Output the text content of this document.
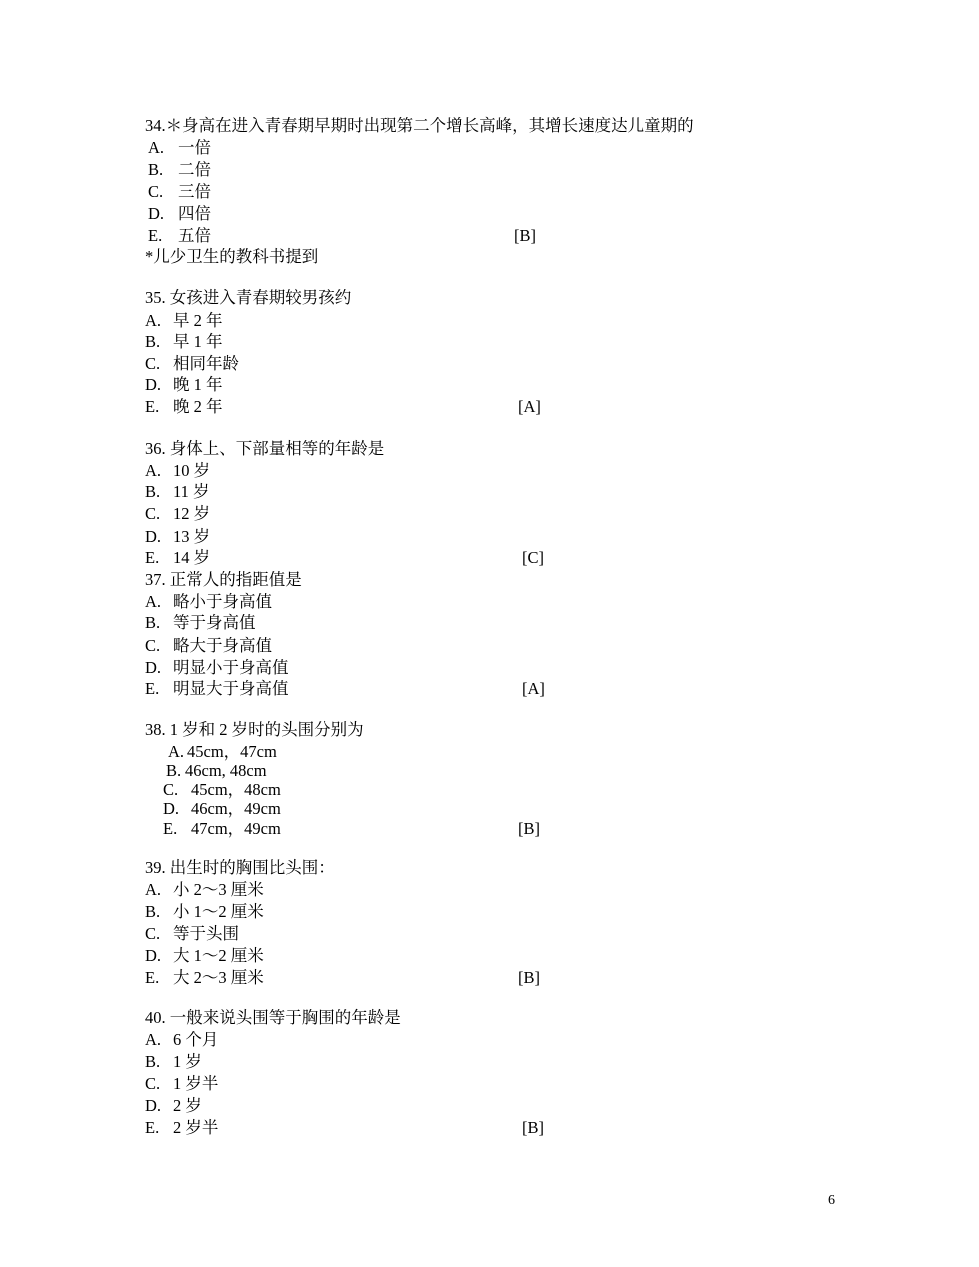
34.＊身高在进入青春期早期时出现第二个增长高峰，其增长速度达儿童期的
A. 一倍
B. 二倍
C. 三倍
D. 四倍
E. 五倍	[B]
*儿少卫生的教科书提到
35. 女孩进入青春期较男孩约
A. 早 2 年
B. 早 1 年
C. 相同年龄
D. 晚 1 年
E. 晚 2 年	[A]
36. 身体上、下部量相等的年龄是
A. 10 岁
B. 11 岁
C. 12 岁
D. 13 岁
E. 14 岁	[C]
37. 正常人的指距值是
A. 略小于身高值
B. 等于身高值
C. 略大于身高值
D. 明显小于身高值
E. 明显大于身高值	[A]
38. 1 岁和 2 岁时的头围分别为
A. 45cm，47cm
B. 46cm, 48cm
C. 45cm，48cm
D. 46cm，49cm
E. 47cm，49cm	[B]
39. 出生时的胸围比头围：
A. 小 2～3 厘米
B. 小 1～2 厘米
C. 等于头围
D. 大 1～2 厘米
E. 大 2～3 厘米	[B]
40. 一般来说头围等于胸围的年龄是
A. 6 个月
B. 1 岁
C. 1 岁半
D. 2 岁
E. 2 岁半	[B]
6
